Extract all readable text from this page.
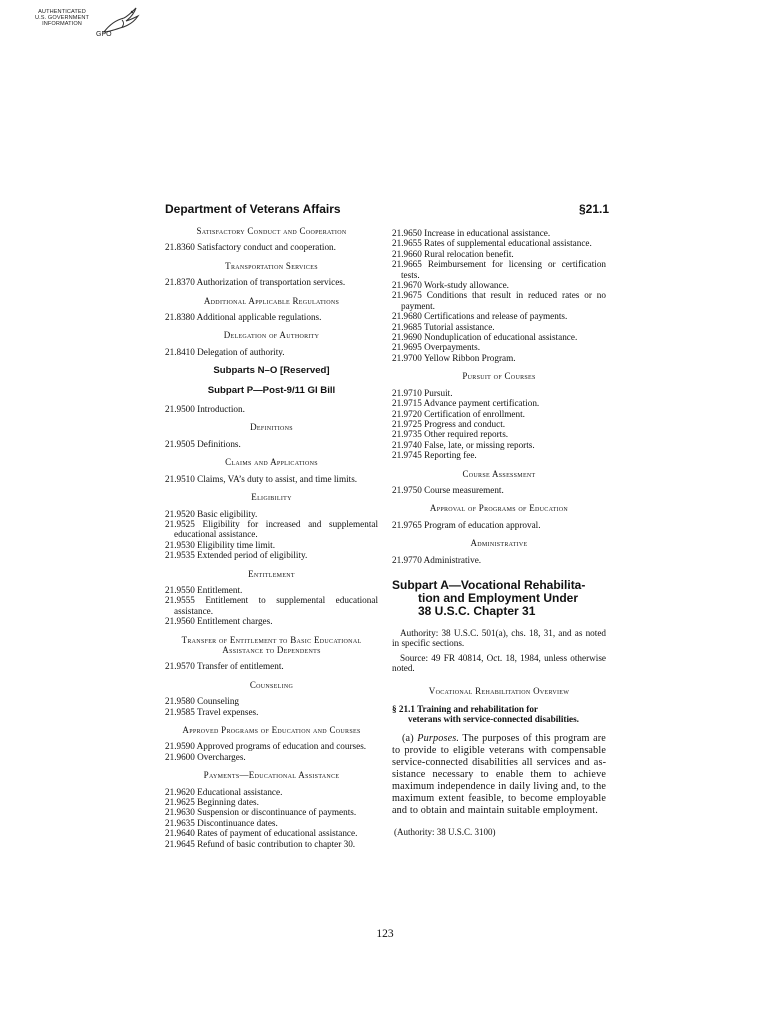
AUTHENTICATED
U.S. GOVERNMENT
INFORMATION
GPO
Department of Veterans Affairs	§21.1
Satisfactory Conduct and Cooperation
21.8360 Satisfactory conduct and cooperation.
Transportation Services
21.8370 Authorization of transportation services.
Additional Applicable Regulations
21.8380 Additional applicable regulations.
Delegation of Authority
21.8410 Delegation of authority.
Subparts N–O [Reserved]
Subpart P—Post-9/11 GI Bill
21.9500 Introduction.
Definitions
21.9505 Definitions.
Claims and Applications
21.9510 Claims, VA’s duty to assist, and time limits.
Eligibility
21.9520 Basic eligibility.
21.9525 Eligibility for increased and supplemental educational assistance.
21.9530 Eligibility time limit.
21.9535 Extended period of eligibility.
Entitlement
21.9550 Entitlement.
21.9555 Entitlement to supplemental educational assistance.
21.9560 Entitlement charges.
Transfer of Entitlement to Basic Educational Assistance to Dependents
21.9570 Transfer of entitlement.
Counseling
21.9580 Counseling
21.9585 Travel expenses.
Approved Programs of Education and Courses
21.9590 Approved programs of education and courses.
21.9600 Overcharges.
Payments—Educational Assistance
21.9620 Educational assistance.
21.9625 Beginning dates.
21.9630 Suspension or discontinuance of payments.
21.9635 Discontinuance dates.
21.9640 Rates of payment of educational assistance.
21.9645 Refund of basic contribution to chapter 30.
21.9650 Increase in educational assistance.
21.9655 Rates of supplemental educational assistance.
21.9660 Rural relocation benefit.
21.9665 Reimbursement for licensing or certification tests.
21.9670 Work-study allowance.
21.9675 Conditions that result in reduced rates or no payment.
21.9680 Certifications and release of payments.
21.9685 Tutorial assistance.
21.9690 Nonduplication of educational assistance.
21.9695 Overpayments.
21.9700 Yellow Ribbon Program.
Pursuit of Courses
21.9710 Pursuit.
21.9715 Advance payment certification.
21.9720 Certification of enrollment.
21.9725 Progress and conduct.
21.9735 Other required reports.
21.9740 False, late, or missing reports.
21.9745 Reporting fee.
Course Assessment
21.9750 Course measurement.
Approval of Programs of Education
21.9765 Program of education approval.
Administrative
21.9770 Administrative.
Subpart A—Vocational Rehabilita-
tion and Employment Under
38 U.S.C. Chapter 31
Authority: 38 U.S.C. 501(a), chs. 18, 31, and as noted in specific sections.
Source: 49 FR 40814, Oct. 18, 1984, unless otherwise noted.
Vocational Rehabilitation Overview
§ 21.1 Training and rehabilitation for
veterans with service-connected disabilities.
(a) Purposes. The purposes of this program are to provide to eligible veterans with compensable service-connected disabilities all services and assistance necessary to enable them to achieve maximum independence in daily living and, to the maximum extent feasible, to become employable and to obtain and maintain suitable employment.
(Authority: 38 U.S.C. 3100)
123
